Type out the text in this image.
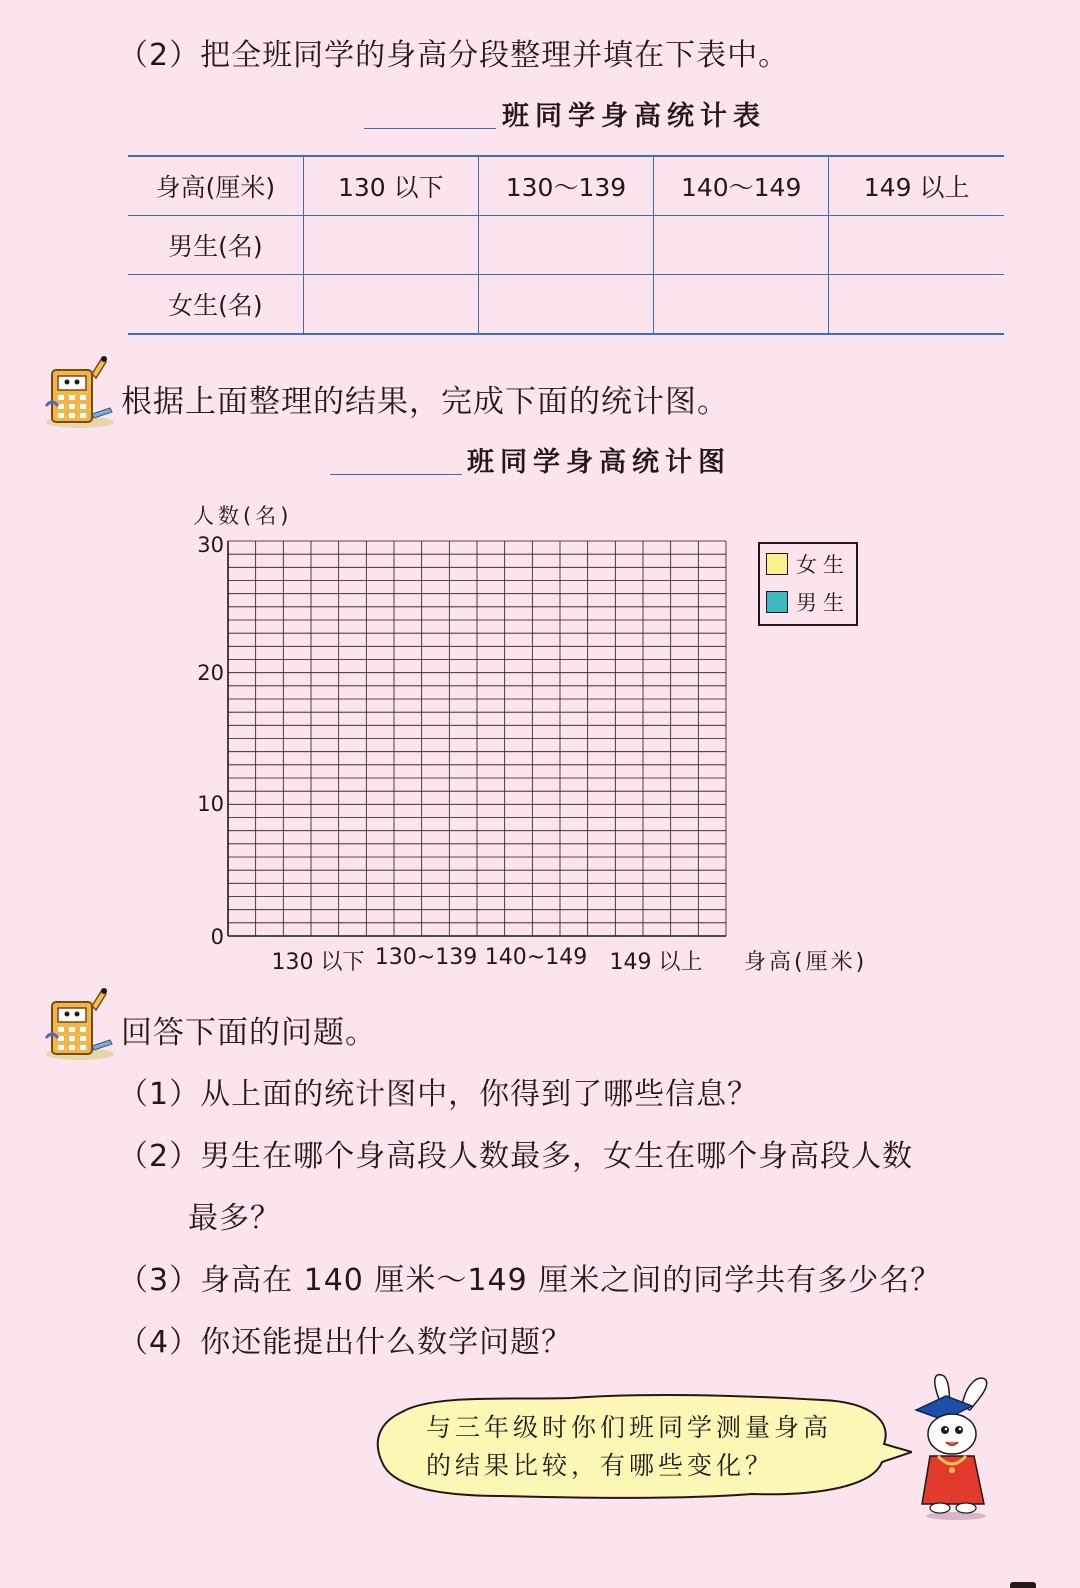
（2）把全班同学的身高分段整理并填在下表中。
班同学身高统计表
身高(厘米)	130 以下	130～139	140～149	149 以上
男生(名)				
女生(名)				
根据上面整理的结果，完成下面的统计图。
班同学身高统计图
人数(名)
30
20
10
0
130 以下 130~139 140~149	149 以上	身高(厘米)
女生
男生
回答下面的问题。
（1）从上面的统计图中，你得到了哪些信息？
（2）男生在哪个身高段人数最多，女生在哪个身高段人数
最多？
（3）身高在 140 厘米～149 厘米之间的同学共有多少名？
（4）你还能提出什么数学问题？
与三年级时你们班同学测量身高
的结果比较，有哪些变化？
